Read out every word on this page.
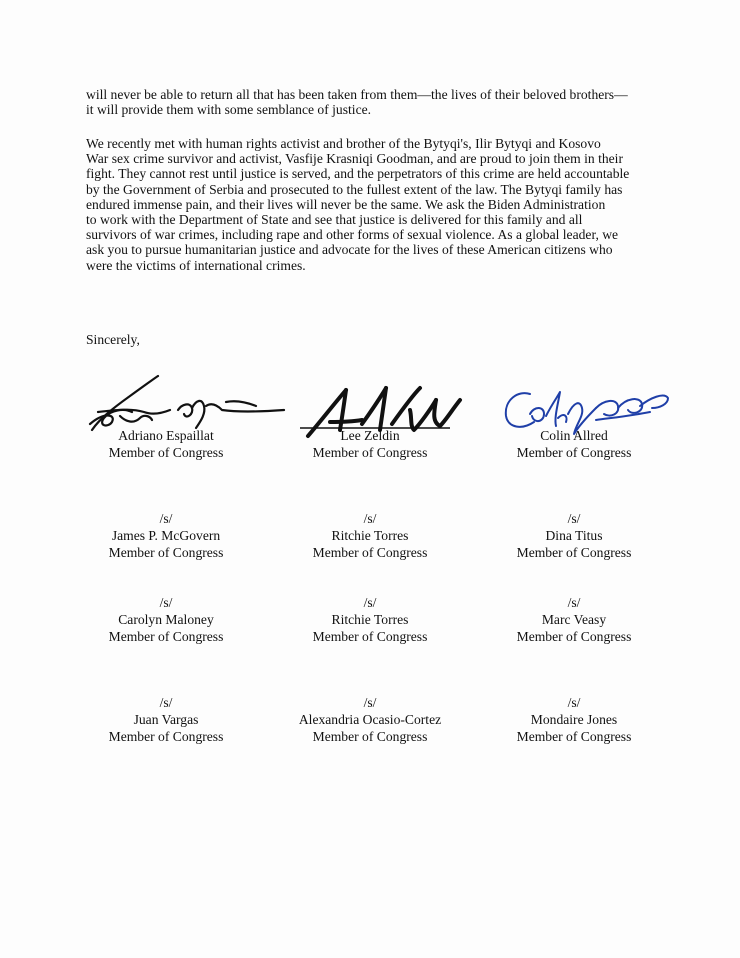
will never be able to return all that has been taken from them—the lives of their beloved brothers—
it will provide them with some semblance of justice.

We recently met with human rights activist and brother of the Bytyqi's, Ilir Bytyqi and Kosovo
War sex crime survivor and activist, Vasfije Krasniqi Goodman, and are proud to join them in their
fight. They cannot rest until justice is served, and the perpetrators of this crime are held accountable
by the Government of Serbia and prosecuted to the fullest extent of the law. The Bytyqi family has
endured immense pain, and their lives will never be the same. We ask the Biden Administration
to work with the Department of State and see that justice is delivered for this family and all
survivors of war crimes, including rape and other forms of sexual violence. As a global leader, we
ask you to pursue humanitarian justice and advocate for the lives of these American citizens who
were the victims of international crimes.

Sincerely,
Adriano Espaillat
Member of Congress
Lee Zeldin
Member of Congress
Colin Allred
Member of Congress
/s/
James P. McGovern
Member of Congress
/s/
Ritchie Torres
Member of Congress
/s/
Dina Titus
Member of Congress
/s/
Carolyn Maloney
Member of Congress
/s/
Ritchie Torres
Member of Congress
/s/
Marc Veasy
Member of Congress
/s/
Juan Vargas
Member of Congress
/s/
Alexandria Ocasio-Cortez
Member of Congress
/s/
Mondaire Jones
Member of Congress
